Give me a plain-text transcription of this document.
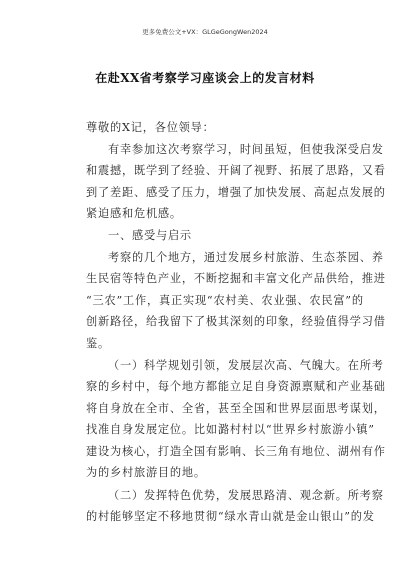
更多免费公文+VX：GLGeGongWen2024
在赴XX省考察学习座谈会上的发言材料
尊敬的X记，各位领导：
有幸参加这次考察学习，时间虽短，但使我深受启发
和震撼，既学到了经验、开阔了视野、拓展了思路，又看
到了差距、感受了压力，增强了加快发展、高起点发展的
紧迫感和危机感。
一、感受与启示
考察的几个地方，通过发展乡村旅游、生态茶园、养
生民宿等特色产业，不断挖掘和丰富文化产品供给，推进
“三农”工作，真正实现“农村美、农业强、农民富”的
创新路径，给我留下了极其深刻的印象，经验值得学习借
鉴。
（一）科学规划引领，发展层次高、气魄大。在所考
察的乡村中，每个地方都能立足自身资源禀赋和产业基础
将自身放在全市、全省，甚至全国和世界层面思考谋划，
找准自身发展定位。比如潞村村以“世界乡村旅游小镇”
建设为核心，打造全国有影响、长三角有地位、湖州有作
为的乡村旅游目的地。
（二）发挥特色优势，发展思路清、观念新。所考察
的村能够坚定不移地贯彻“绿水青山就是金山银山”的发
